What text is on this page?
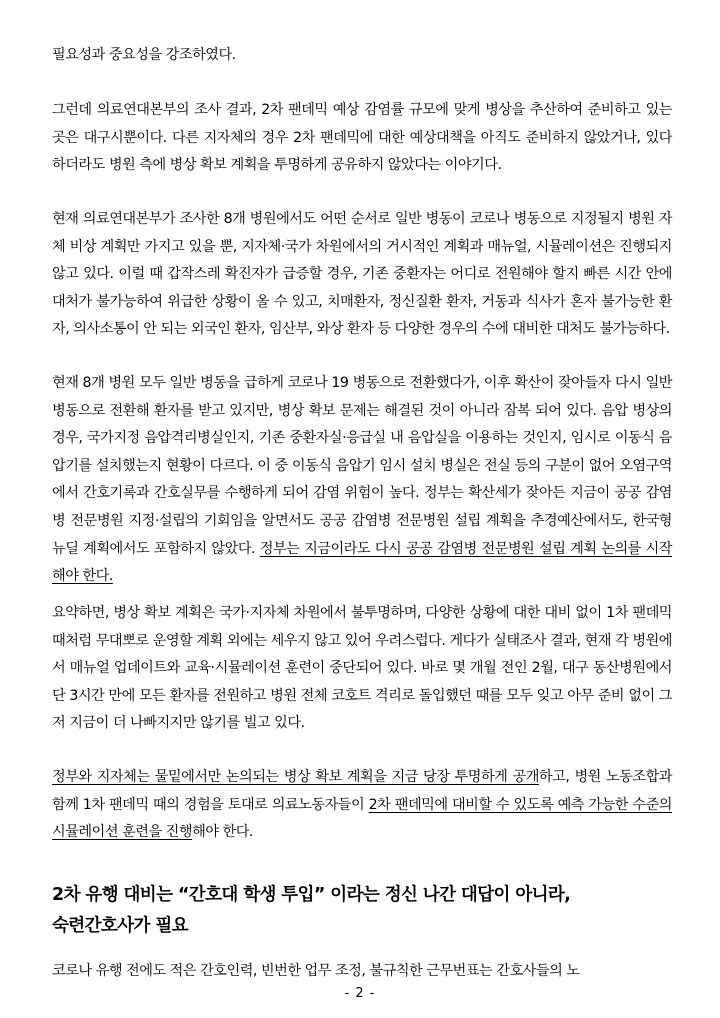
필요성과 중요성을 강조하였다.

그런데 의료연대본부의 조사 결과, 2차 팬데믹 예상 감염률 규모에 맞게 병상을 추산하여 준비하고 있는 곳은 대구시뿐이다. 다른 지자체의 경우 2차 팬데믹에 대한 예상대책을 아직도 준비하지 않았거나, 있다 하더라도 병원 측에 병상 확보 계획을 투명하게 공유하지 않았다는 이야기다.

현재 의료연대본부가 조사한 8개 병원에서도 어떤 순서로 일반 병동이 코로나 병동으로 지정될지 병원 자체 비상 계획만 가지고 있을 뿐, 지자체·국가 차원에서의 거시적인 계획과 매뉴얼, 시뮬레이션은 진행되지 않고 있다. 이럴 때 갑작스레 확진자가 급증할 경우, 기존 중환자는 어디로 전원해야 할지 빠른 시간 안에 대처가 불가능하여 위급한 상황이 올 수 있고, 치매환자, 정신질환 환자, 거동과 식사가 혼자 불가능한 환자, 의사소통이 안 되는 외국인 환자, 임산부, 와상 환자 등 다양한 경우의 수에 대비한 대처도 불가능하다.

현재 8개 병원 모두 일반 병동을 급하게 코로나 19 병동으로 전환했다가, 이후 확산이 잦아들자 다시 일반 병동으로 전환해 환자를 받고 있지만, 병상 확보 문제는 해결된 것이 아니라 잠복 되어 있다. 음압 병상의 경우, 국가지정 음압격리병실인지, 기존 중환자실·응급실 내 음압실을 이용하는 것인지, 임시로 이동식 음압기를 설치했는지 현황이 다르다. 이 중 이동식 음압기 임시 설치 병실은 전실 등의 구분이 없어 오염구역에서 간호기록과 간호실무를 수행하게 되어 감염 위험이 높다. 정부는 확산세가 잦아든 지금이 공공 감염병 전문병원 지정·설립의 기회임을 알면서도 공공 감염병 전문병원 설립 계획을 추경예산에서도, 한국형 뉴딜 계획에서도 포함하지 않았다. 정부는 지금이라도 다시 공공 감염병 전문병원 설립 계획 논의를 시작해야 한다.

요약하면, 병상 확보 계획은 국가·지자체 차원에서 불투명하며, 다양한 상황에 대한 대비 없이 1차 팬데믹 때처럼 무대뽀로 운영할 계획 외에는 세우지 않고 있어 우려스럽다. 게다가 실태조사 결과, 현재 각 병원에서 매뉴얼 업데이트와 교육·시뮬레이션 훈련이 중단되어 있다. 바로 몇 개월 전인 2월, 대구 동산병원에서 단 3시간 만에 모든 환자를 전원하고 병원 전체 코호트 격리로 돌입했던 때를 모두 잊고 아무 준비 없이 그저 지금이 더 나빠지지만 않기를 빌고 있다.

정부와 지자체는 물밑에서만 논의되는 병상 확보 계획을 지금 당장 투명하게 공개하고, 병원 노동조합과 함께 1차 팬데믹 때의 경험을 토대로 의료노동자들이 2차 팬데믹에 대비할 수 있도록 예측 가능한 수준의 시뮬레이션 훈련을 진행해야 한다.

2차 유행 대비는 “간호대 학생 투입” 이라는 정신 나간 대답이 아니라,
숙련간호사가 필요

코로나 유행 전에도 적은 간호인력, 빈번한 업무 조정, 불규칙한 근무번표는 간호사들의 노

- 2 -
